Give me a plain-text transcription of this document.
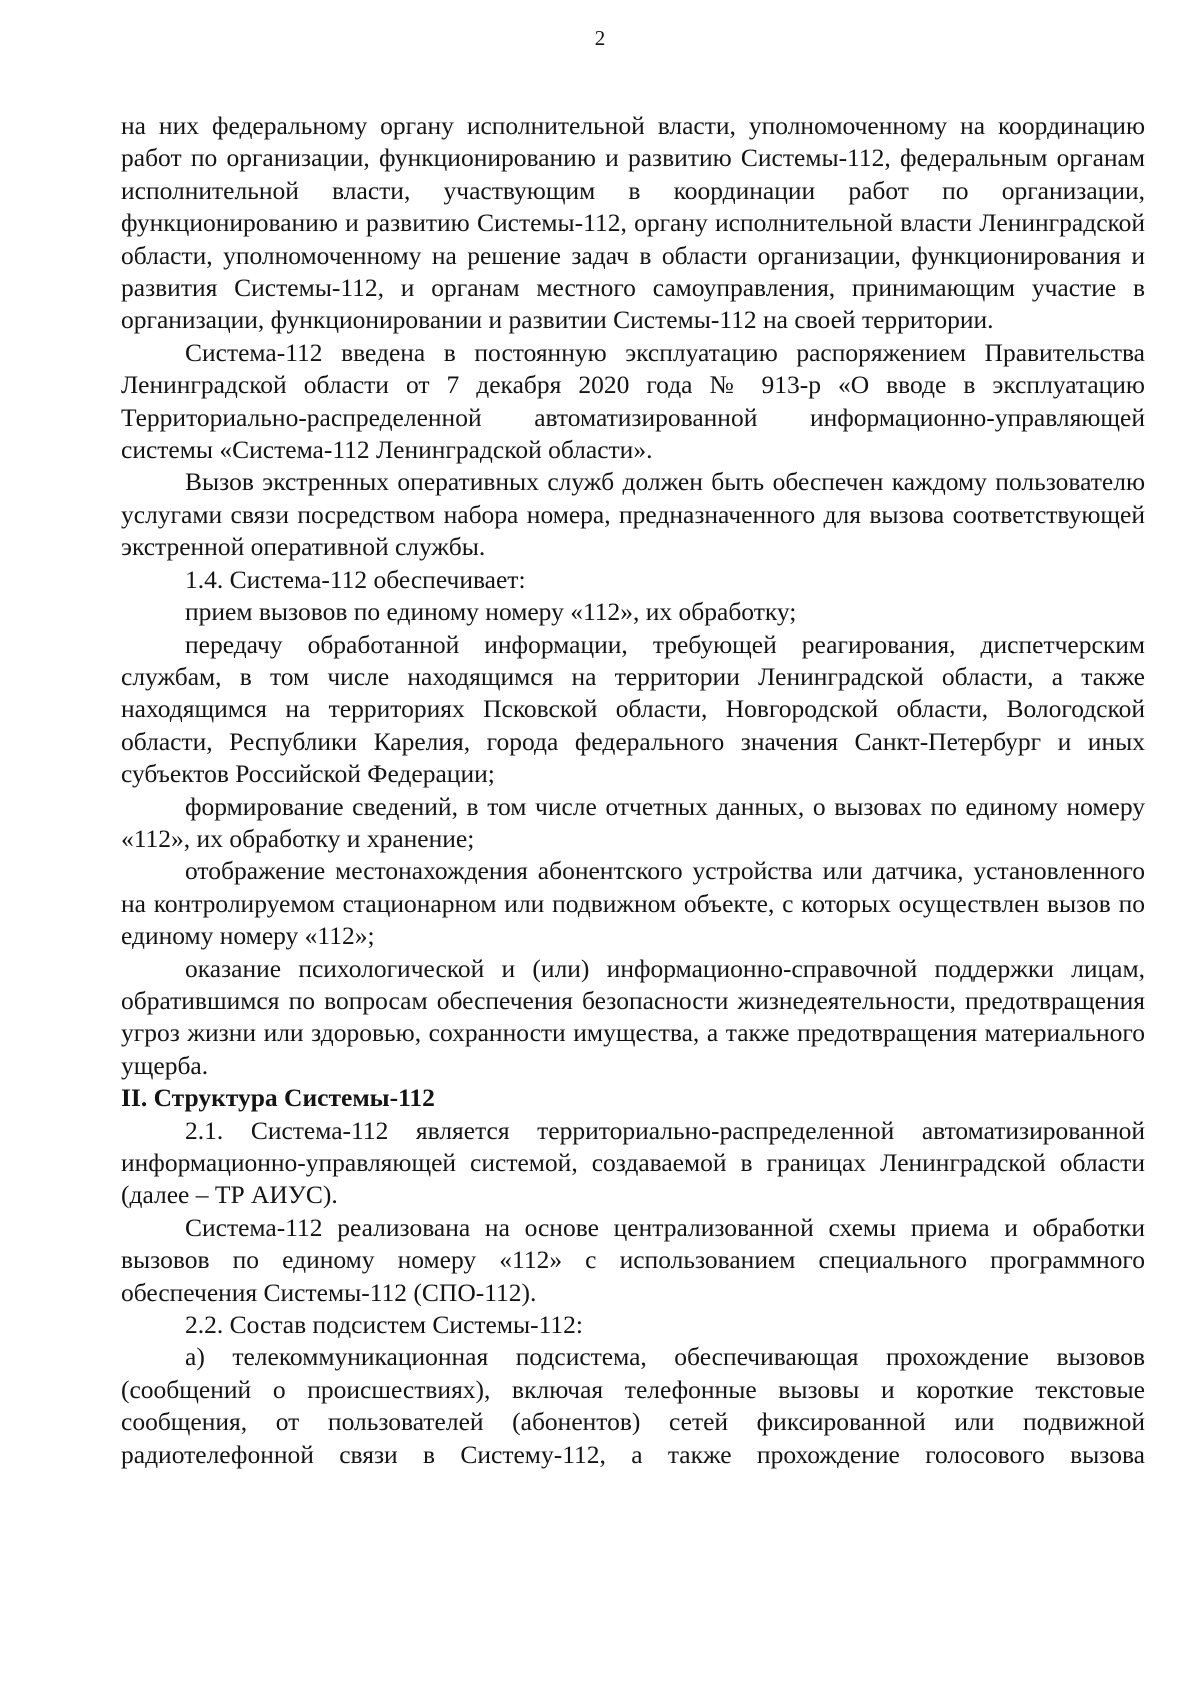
2

на них федеральному органу исполнительной власти, уполномоченному на координацию работ по организации, функционированию и развитию Системы-112, федеральным органам исполнительной власти, участвующим в координации работ по организации, функционированию и развитию Системы-112, органу исполнительной власти Ленинградской области, уполномоченному на решение задач в области организации, функционирования и развития Системы-112, и органам местного самоуправления, принимающим участие в организации, функционировании и развитии Системы-112 на своей территории.

Система-112 введена в постоянную эксплуатацию распоряжением Правительства Ленинградской области от 7 декабря 2020 года № 913-р «О вводе в эксплуатацию Территориально-распределенной автоматизированной информационно-управляющей системы «Система-112 Ленинградской области».

Вызов экстренных оперативных служб должен быть обеспечен каждому пользователю услугами связи посредством набора номера, предназначенного для вызова соответствующей экстренной оперативной службы.

1.4. Система-112 обеспечивает:

прием вызовов по единому номеру «112», их обработку;

передачу обработанной информации, требующей реагирования, диспетчерским службам, в том числе находящимся на территории Ленинградской области, а также находящимся на территориях Псковской области, Новгородской области, Вологодской области, Республики Карелия, города федерального значения Санкт-Петербург и иных субъектов Российской Федерации;

формирование сведений, в том числе отчетных данных, о вызовах по единому номеру «112», их обработку и хранение;

отображение местонахождения абонентского устройства или датчика, установленного на контролируемом стационарном или подвижном объекте, с которых осуществлен вызов по единому номеру «112»;

оказание психологической и (или) информационно-справочной поддержки лицам, обратившимся по вопросам обеспечения безопасности жизнедеятельности, предотвращения угроз жизни или здоровью, сохранности имущества, а также предотвращения материального ущерба.

II. Структура Системы-112

2.1. Система-112 является территориально-распределенной автоматизированной информационно-управляющей системой, создаваемой в границах Ленинградской области (далее – ТР АИУС).

Система-112 реализована на основе централизованной схемы приема и обработки вызовов по единому номеру «112» с использованием специального программного обеспечения Системы-112 (СПО-112).

2.2. Состав подсистем Системы-112:

а) телекоммуникационная подсистема, обеспечивающая прохождение вызовов (сообщений о происшествиях), включая телефонные вызовы и короткие текстовые сообщения, от пользователей (абонентов) сетей фиксированной или подвижной радиотелефонной связи в Систему-112, а также прохождение голосового вызова
